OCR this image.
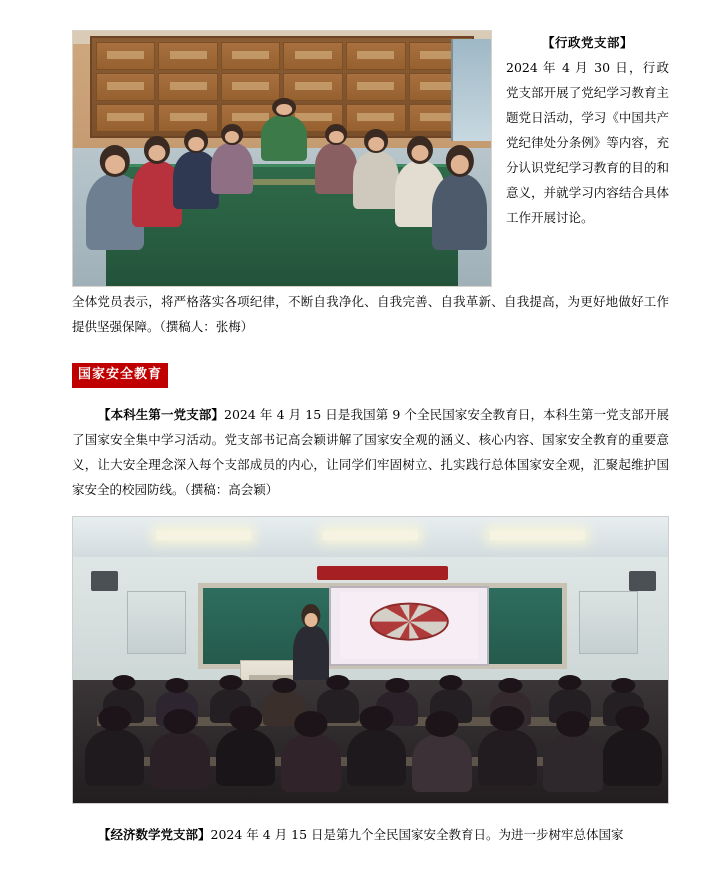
【行政党支部】
2024 年 4 月 30 日，行政党支部开展了党纪学习教育主题党日活动，学习《中国共产党纪律处分条例》等内容，充分认识党纪学习教育的目的和意义，并就学习内容结合具体工作开展讨论。
全体党员表示，将严格落实各项纪律，不断自我净化、自我完善、自我革新、自我提高，为更好地做好工作提供坚强保障。（撰稿人：张梅）
国家安全教育
【本科生第一党支部】2024 年 4 月 15 日是我国第 9 个全民国家安全教育日，本科生第一党支部开展了国家安全集中学习活动。党支部书记高会颖讲解了国家安全观的涵义、核心内容、国家安全教育的重要意义，让大安全理念深入每个支部成员的内心，让同学们牢固树立、扎实践行总体国家安全观，汇聚起维护国家安全的校园防线。（撰稿：高会颖）
【经济数学党支部】2024 年 4 月 15 日是第九个全民国家安全教育日。为进一步树牢总体国家
